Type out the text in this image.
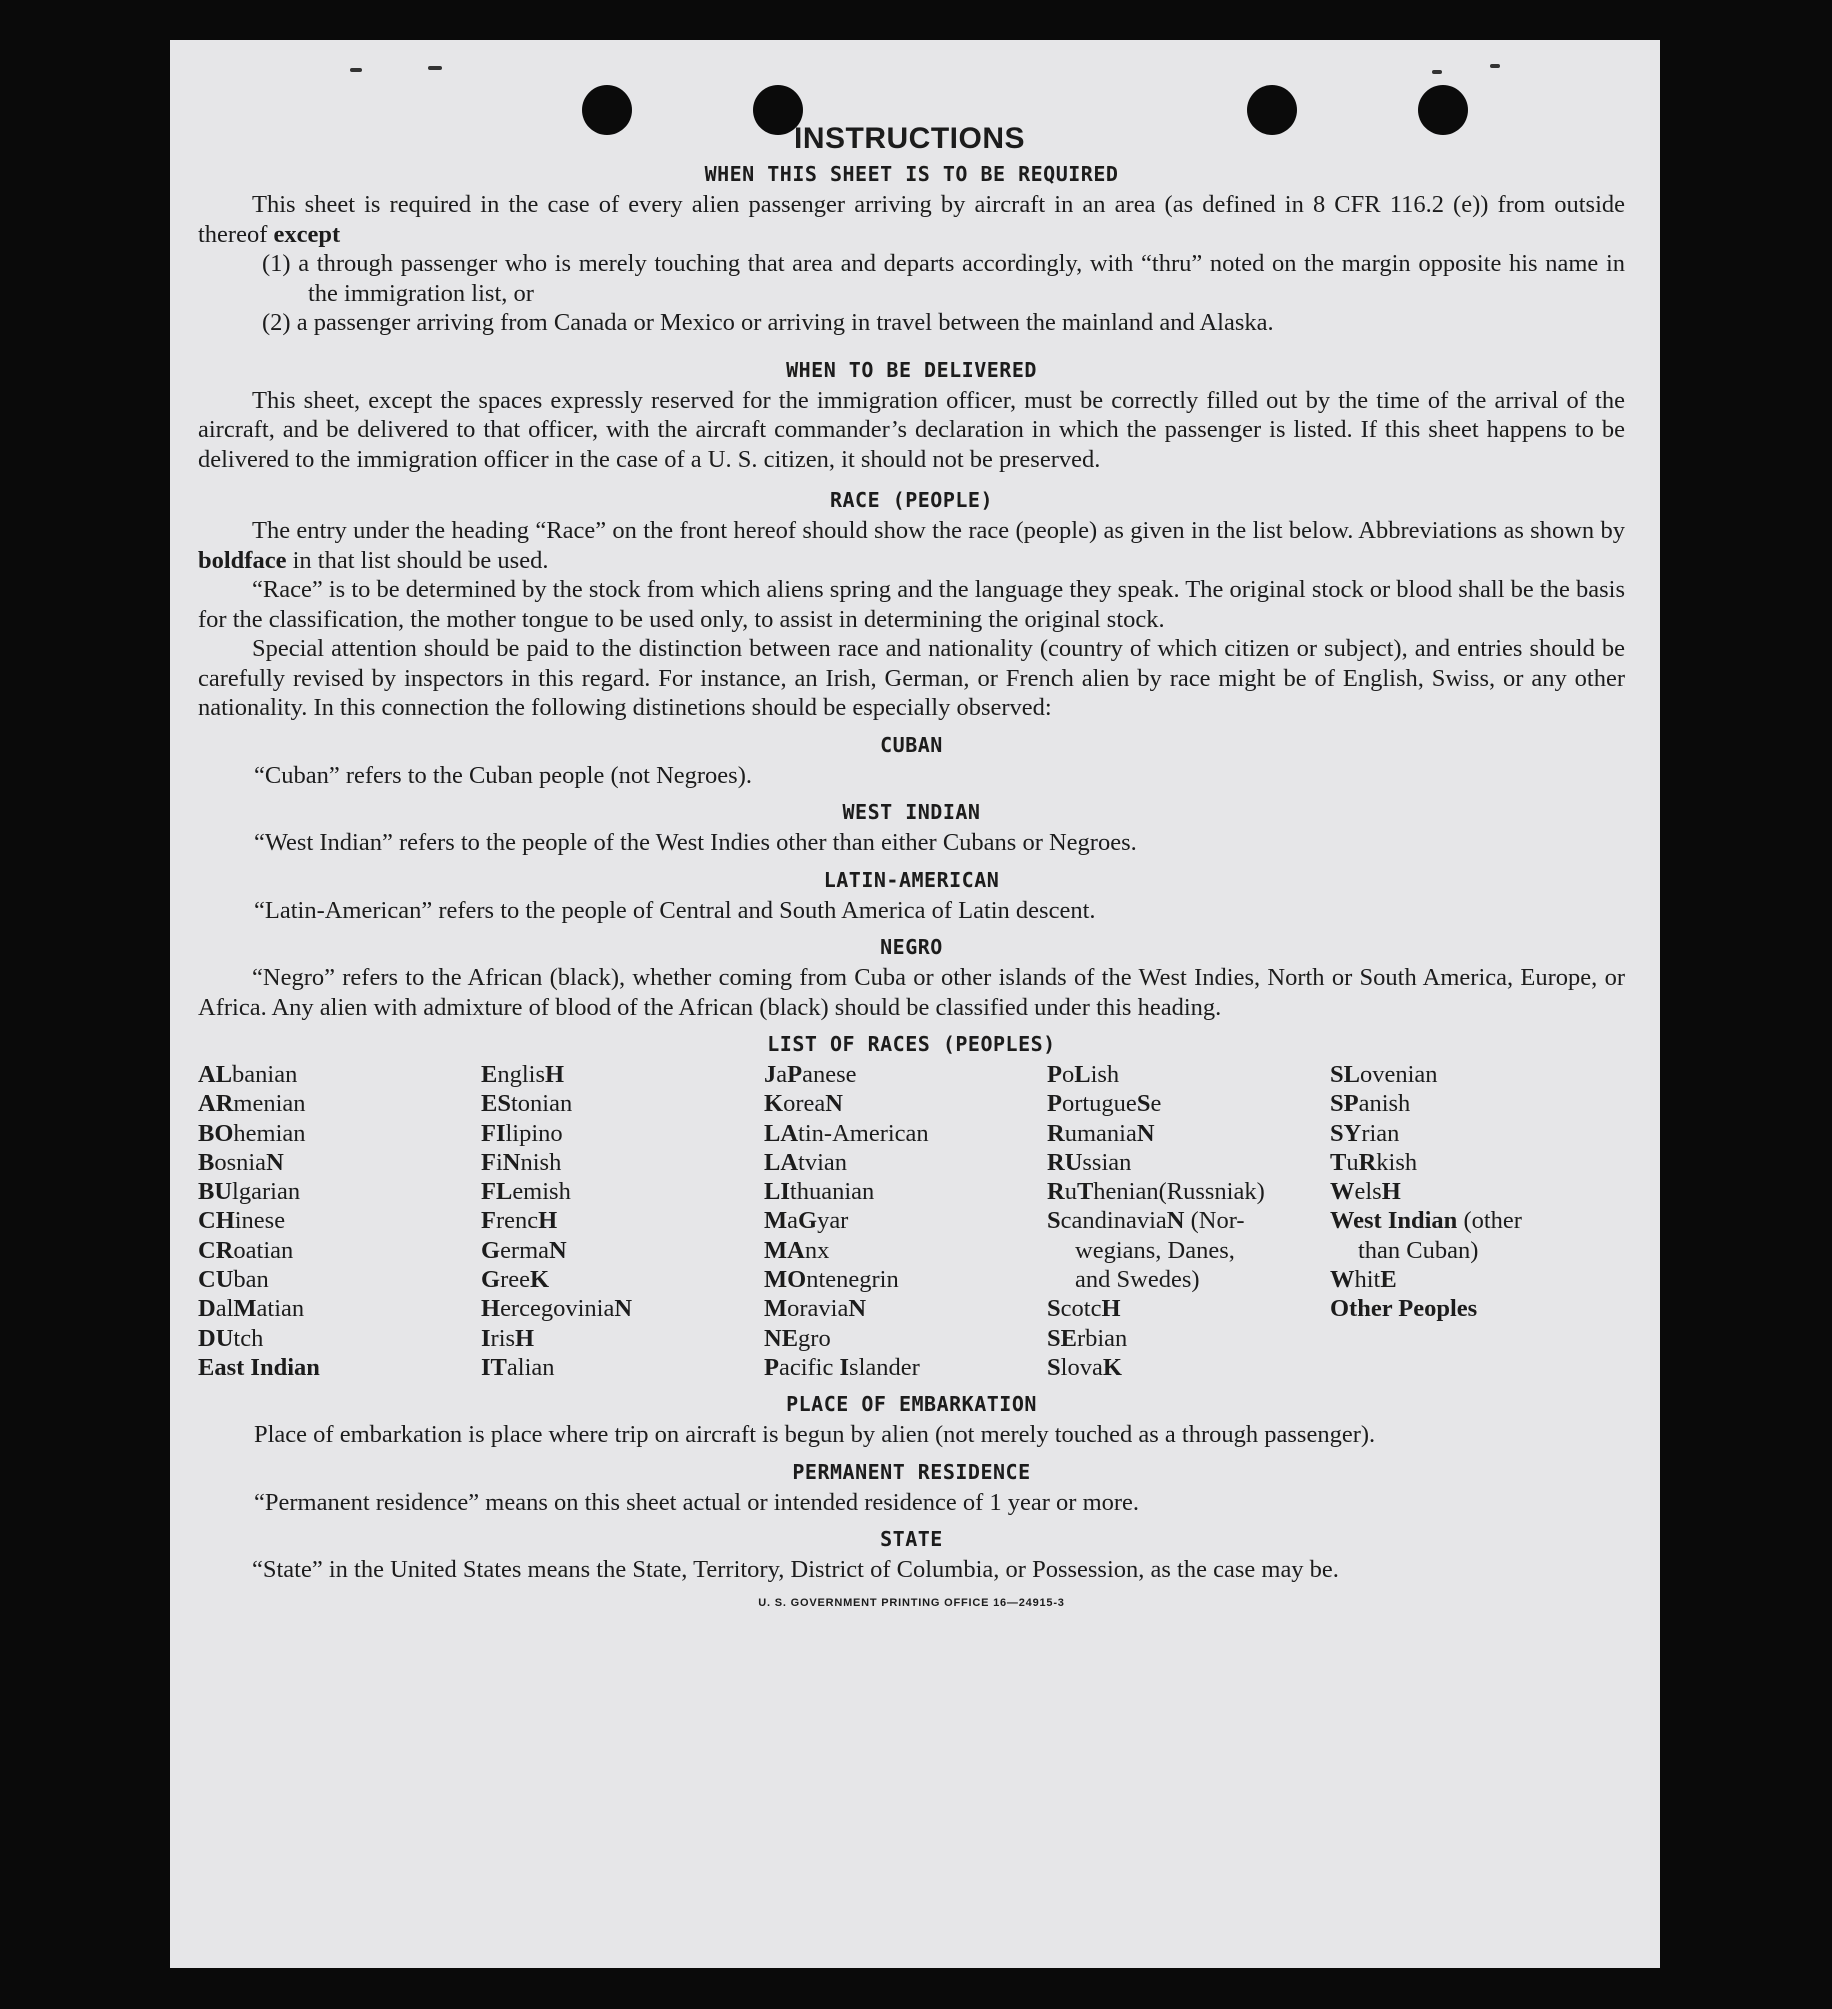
INSTRUCTIONS
WHEN THIS SHEET IS TO BE REQUIRED

This sheet is required in the case of every alien passenger arriving by aircraft in an area (as defined in 8 CFR 116.2 (e)) from outside thereof except

(1) a through passenger who is merely touching that area and departs accordingly, with “thru” noted on the margin opposite his name in the immigration list, or

(2) a passenger arriving from Canada or Mexico or arriving in travel between the mainland and Alaska.

WHEN TO BE DELIVERED

This sheet, except the spaces expressly reserved for the immigration officer, must be correctly filled out by the time of the arrival of the aircraft, and be delivered to that officer, with the aircraft commander’s declaration in which the passenger is listed. If this sheet happens to be delivered to the immigration officer in the case of a U. S. citizen, it should not be preserved.

RACE (PEOPLE)

The entry under the heading “Race” on the front hereof should show the race (people) as given in the list below. Abbreviations as shown by boldface in that list should be used.

“Race” is to be determined by the stock from which aliens spring and the language they speak. The original stock or blood shall be the basis for the classification, the mother tongue to be used only, to assist in determining the original stock.

Special attention should be paid to the distinction between race and nationality (country of which citizen or subject), and entries should be carefully revised by inspectors in this regard. For instance, an Irish, German, or French alien by race might be of English, Swiss, or any other nationality. In this connection the following distinetions should be especially observed:

CUBAN

“Cuban” refers to the Cuban people (not Negroes).

WEST INDIAN

“West Indian” refers to the people of the West Indies other than either Cubans or Negroes.

LATIN-AMERICAN

“Latin-American” refers to the people of Central and South America of Latin descent.

NEGRO

“Negro” refers to the African (black), whether coming from Cuba or other islands of the West Indies, North or South America, Europe, or Africa. Any alien with admixture of blood of the African (black) should be classified under this heading.

LIST OF RACES (PEOPLES)
ALbanian
ARmenian
BOhemian
BosniaN
BUlgarian
CHinese
CRoatian
CUban
DalMatian
DUtch
East Indian
EnglisH
EStonian
FIlipino
FiNnish
FLemish
FrencH
GermaN
GreeK
HercegoviniaN
IrisH
ITalian
JaPanese
KoreaN
LAtin-American
LAtvian
LIthuanian
MaGyar
MAnx
MOntenegrin
MoraviaN
NEgro
Pacific Islander
PoLish
PortugueSe
RumaniaN
RUssian
RuThenian(Russniak)
ScandinaviaN (Nor-
wegians, Danes,
and Swedes)
ScotcH
SErbian
SlovaK
SLovenian
SPanish
SYrian
TuRkish
WelsH
West Indian (other
than Cuban)
WhitE
Other Peoples
PLACE OF EMBARKATION

Place of embarkation is place where trip on aircraft is begun by alien (not merely touched as a through passenger).

PERMANENT RESIDENCE

“Permanent residence” means on this sheet actual or intended residence of 1 year or more.

STATE

“State” in the United States means the State, Territory, District of Columbia, or Possession, as the case may be.

U. S. GOVERNMENT PRINTING OFFICE 16—24915-3
